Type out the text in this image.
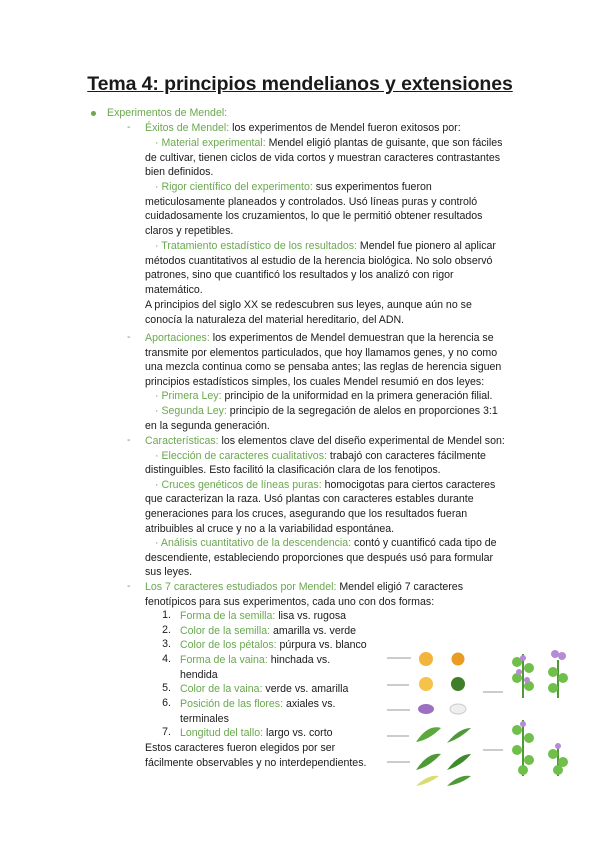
Tema 4: principios mendelianos y extensiones
Experimentos de Mendel:
- Éxitos de Mendel: los experimentos de Mendel fueron exitosos por:
· Material experimental: Mendel eligió plantas de guisante, que son fáciles
de cultivar, tienen ciclos de vida cortos y muestran caracteres contrastantes
bien definidos.
· Rigor científico del experimento: sus experimentos fueron
meticulosamente planeados y controlados. Usó líneas puras y controló
cuidadosamente los cruzamientos, lo que le permitió obtener resultados
claros y repetibles.
· Tratamiento estadístico de los resultados: Mendel fue pionero al aplicar
métodos cuantitativos al estudio de la herencia biológica. No solo observó
patrones, sino que cuantificó los resultados y los analizó con rigor
matemático.
A principios del siglo XX se redescubren sus leyes, aunque aún no se
conocía la naturaleza del material hereditario, del ADN.
- Aportaciones: los experimentos de Mendel demuestran que la herencia se
transmite por elementos particulados, que hoy llamamos genes, y no como
una mezcla continua como se pensaba antes; las reglas de herencia siguen
principios estadísticos simples, los cuales Mendel resumió en dos leyes:
· Primera Ley: principio de la uniformidad en la primera generación filial.
· Segunda Ley: principio de la segregación de alelos en proporciones 3:1
en la segunda generación.
- Características: los elementos clave del diseño experimental de Mendel son:
· Elección de caracteres cualitativos: trabajó con caracteres fácilmente
distinguibles. Esto facilitó la clasificación clara de los fenotipos.
· Cruces genéticos de líneas puras: homocigotas para ciertos caracteres
que caracterizan la raza. Usó plantas con caracteres estables durante
generaciones para los cruces, asegurando que los resultados fueran
atribuibles al cruce y no a la variabilidad espontánea.
· Análisis cuantitativo de la descendencia: contó y cuantificó cada tipo de
descendiente, estableciendo proporciones que después usó para formular
sus leyes.
- Los 7 caracteres estudiados por Mendel: Mendel eligió 7 caracteres
fenotípicos para sus experimentos, cada uno con dos formas:
1. Forma de la semilla: lisa vs. rugosa
2. Color de la semilla: amarilla vs. verde
3. Color de los pétalos: púrpura vs. blanco
4. Forma de la vaina: hinchada vs.
hendida
5. Color de la vaina: verde vs. amarilla
6. Posición de las flores: axiales vs.
terminales
7. Longitud del tallo: largo vs. corto
Estos caracteres fueron elegidos por ser
fácilmente observables y no interdependientes.
